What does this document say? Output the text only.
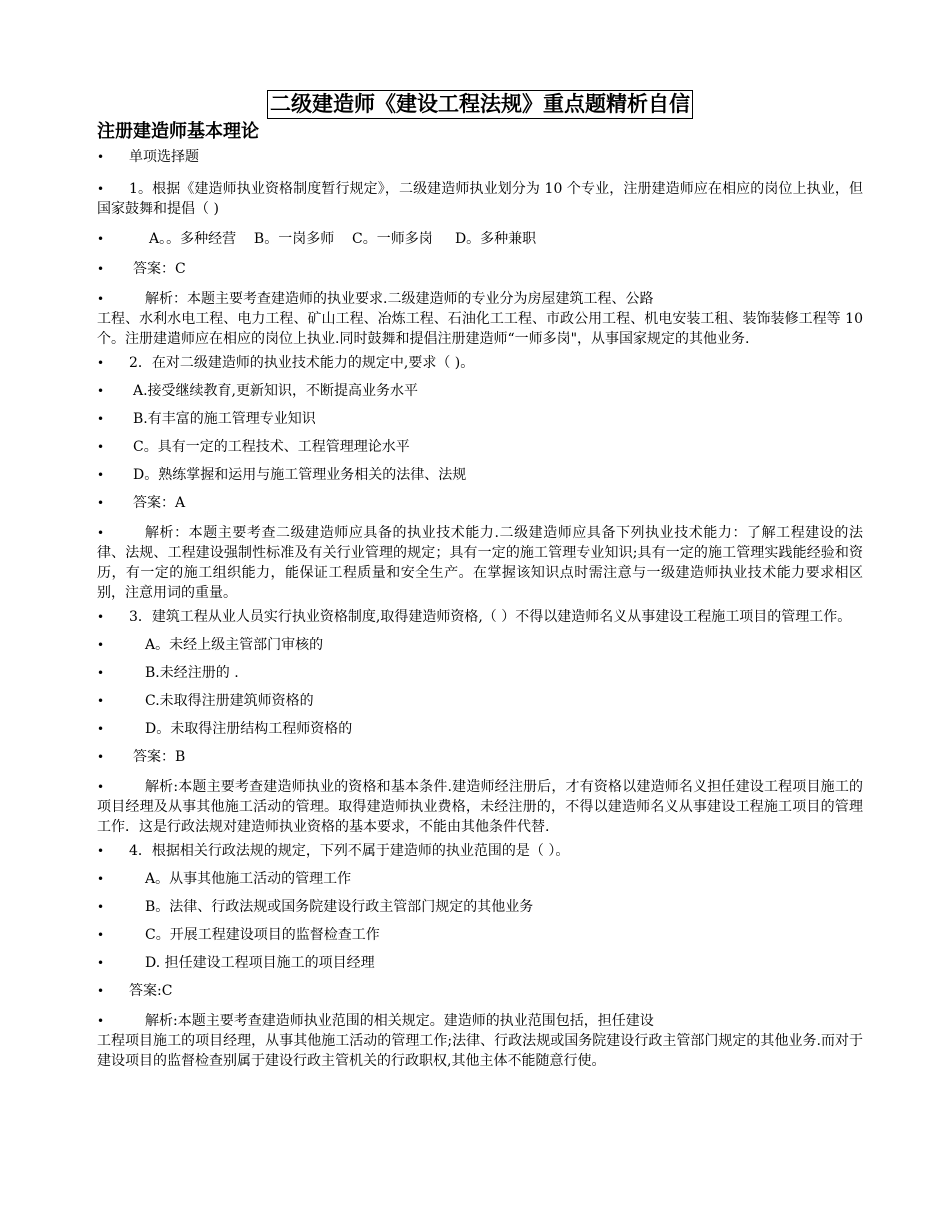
二级建造师《建设工程法规》重点题精析自信
注册建造师基本理论
•	单项选择题
•	1。根据《建造师执业资格制度暂行规定》，二级建造师执业划分为 10 个专业，注册建造师应在相应的岗位上执业，但国家鼓舞和提倡（ )
•	A。。多种经营    B。一岗多师    C。一师多岗     D。多种兼职
•	答案：C
•	解析：本题主要考查建造师的执业要求.二级建造师的专业分为房屋建筑工程、公路
工程、水利水电工程、电力工程、矿山工程、冶炼工程、石油化工工程、市政公用工程、机电安装工租、装饰装修工程等 10 个。注册建遣师应在相应的岗位上执业.同时鼓舞和提倡注册建造师“一师多岗"，从事国家规定的其他业务.
•	2．在对二级建造师的执业技术能力的规定中,要求（ )。
•	A.接受继续教育,更新知识，不断提高业务水平
•	B.有丰富的施工管理专业知识
•	C。具有一定的工程技术、工程管理理论水平
•	D。熟练掌握和运用与施工管理业务相关的法律、法规
•	答案：A
•	解析：本题主要考查二级建造师应具备的执业技术能力.二级建造师应具备下列执业技术能力：了解工程建设的法律、法规、工程建设强制性标准及有关行业管理的规定；具有一定的施工管理专业知识;具有一定的施工管理实践能经验和资历，有一定的施工组织能力，能保证工程质量和安全生产。在掌握该知识点时需注意与一级建造师执业技术能力要求相区别，注意用词的重量。
•	3．建筑工程从业人员实行执业资格制度,取得建造师资格,（ ）不得以建造师名义从事建设工程施工项目的管理工作。
•	A。未经上级主管部门审核的
•	B.未经注册的 .
•	C.未取得注册建筑师资格的
•	D。未取得注册结构工程师资格的
•	答案：B
•	解析:本题主要考查建造师执业的资格和基本条件.建造师经注册后，才有资格以建造师名义担任建设工程项目施工的项目经理及从事其他施工活动的管理。取得建造师执业费格，未经注册的，不得以建造师名义从事建设工程施工项目的管理工作．这是行政法规对建造师执业资格的基本要求，不能由其他条件代替.
•	4．根据相关行政法规的规定，下列不属于建造师的执业范围的是（ ）。
•	A。从事其他施工活动的管理工作
•	B。法律、行政法规或国务院建设行政主管部门规定的其他业务
•	C。开展工程建设项目的监督检查工作
•	D. 担任建设工程项目施工的项目经理
•	答案:C
•	解析:本题主要考查建造师执业范围的相关规定。建造师的执业范围包括，担任建设
工程项目施工的项目经理，从事其他施工活动的管理工作;法律、行政法规或国务院建设行政主管部门规定的其他业务.而对于建设项目的监督检查别属于建设行政主管机关的行政职权,其他主体不能随意行使。
